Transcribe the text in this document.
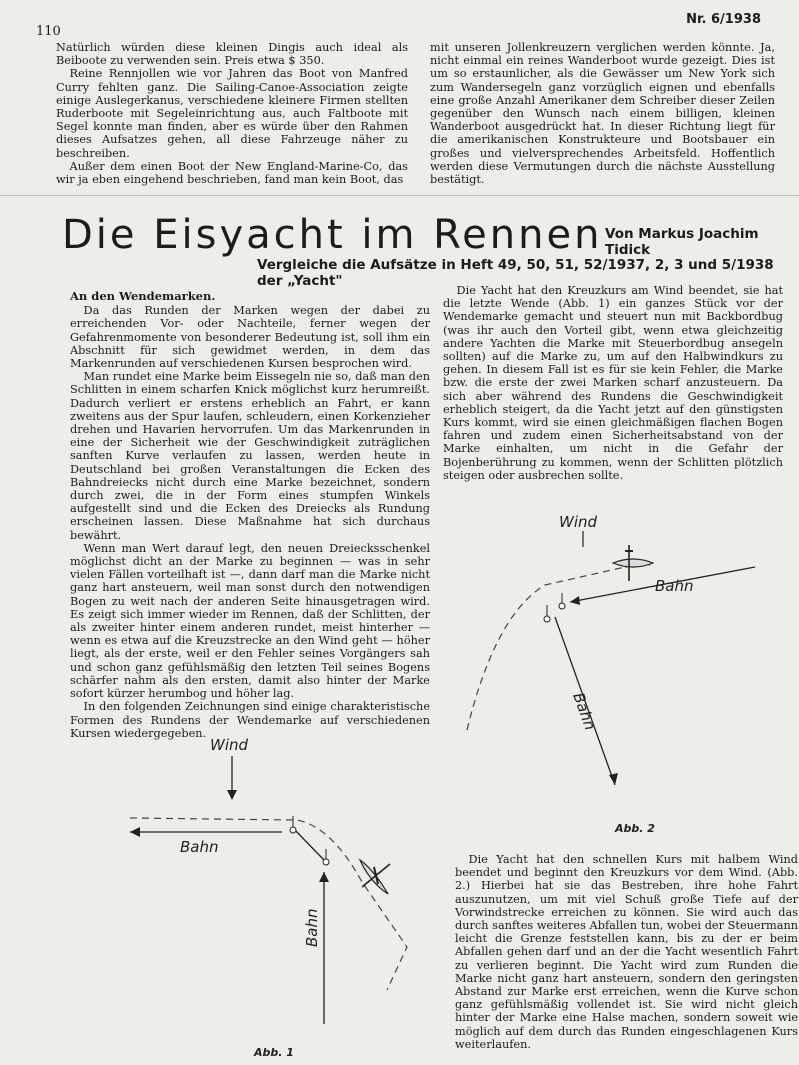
110
Nr. 6/1938

Natürlich würden diese kleinen Dingis auch ideal als Beiboote zu verwenden sein. Preis etwa $ 350.

Reine Rennjollen wie vor Jahren das Boot von Manfred Curry fehlten ganz. Die Sailing-Canoe-Association zeigte einige Auslegerkanus, verschiedene kleinere Firmen stellten Ruderboote mit Segeleinrichtung aus, auch Faltboote mit Segel konnte man finden, aber es würde über den Rahmen dieses Aufsatzes gehen, all diese Fahrzeuge näher zu beschreiben.

Außer dem einen Boot der New England-Marine-Co, das wir ja eben eingehend beschrieben, fand man kein Boot, das

mit unseren Jollenkreuzern verglichen werden könnte. Ja, nicht einmal ein reines Wanderboot wurde gezeigt. Dies ist um so erstaunlicher, als die Gewässer um New York sich zum Wandersegeln ganz vorzüglich eignen und ebenfalls eine große Anzahl Amerikaner dem Schreiber dieser Zeilen gegenüber den Wunsch nach einem billigen, kleinen Wanderboot ausgedrückt hat. In dieser Richtung liegt für die amerikanischen Konstrukteure und Bootsbauer ein großes und vielversprechendes Arbeitsfeld. Hoffentlich werden diese Vermutungen durch die nächste Ausstellung bestätigt.

Die Eisyacht im Rennen Von Markus Joachim Tidick
Vergleiche die Aufsätze in Heft 49, 50, 51, 52/1937, 2, 3 und 5/1938 der „Yacht"
An den Wendemarken.

Da das Runden der Marken wegen der dabei zu erreichenden Vor- oder Nachteile, ferner wegen der Gefahrenmomente von besonderer Bedeutung ist, soll ihm ein Abschnitt für sich gewidmet werden, in dem das Markenrunden auf verschiedenen Kursen besprochen wird.

Man rundet eine Marke beim Eissegeln nie so, daß man den Schlitten in einem scharfen Knick möglichst kurz herumreißt. Dadurch verliert er erstens erheblich an Fahrt, er kann zweitens aus der Spur laufen, schleudern, einen Korkenzieher drehen und Havarien hervorrufen. Um das Markenrunden in eine der Sicherheit wie der Geschwindigkeit zuträglichen sanften Kurve verlaufen zu lassen, werden heute in Deutschland bei großen Veranstaltungen die Ecken des Bahndreiecks nicht durch eine Marke bezeichnet, sondern durch zwei, die in der Form eines stumpfen Winkels aufgestellt sind und die Ecken des Dreiecks als Rundung erscheinen lassen. Diese Maßnahme hat sich durchaus bewährt.

Wenn man Wert darauf legt, den neuen Dreiecksschenkel möglichst dicht an der Marke zu beginnen — was in sehr vielen Fällen vorteilhaft ist —, dann darf man die Marke nicht ganz hart ansteuern, weil man sonst durch den notwendigen Bogen zu weit nach der anderen Seite hinausgetragen wird. Es zeigt sich immer wieder im Rennen, daß der Schlitten, der als zweiter hinter einem anderen rundet, meist hinterher — wenn es etwa auf die Kreuzstrecke an den Wind geht — höher liegt, als der erste, weil er den Fehler seines Vorgängers sah und schon ganz gefühlsmäßig den letzten Teil seines Bogens schärfer nahm als den ersten, damit also hinter der Marke sofort kürzer herumbog und höher lag.

In den folgenden Zeichnungen sind einige charakteristische Formen des Rundens der Wendemarke auf verschiedenen Kursen wiedergegeben.

Die Yacht hat den Kreuzkurs am Wind beendet, sie hat die letzte Wende (Abb. 1) ein ganzes Stück vor der Wendemarke gemacht und steuert nun mit Backbordbug (was ihr auch den Vorteil gibt, wenn etwa gleichzeitig andere Yachten die Marke mit Steuerbordbug ansegeln sollten) auf die Marke zu, um auf den Halbwindkurs zu gehen. In diesem Fall ist es für sie kein Fehler, die Marke bzw. die erste der zwei Marken scharf anzusteuern. Da sich aber während des Rundens die Geschwindigkeit erheblich steigert, da die Yacht jetzt auf den günstigsten Kurs kommt, wird sie einen gleichmäßigen flachen Bogen fahren und zudem einen Sicherheitsabstand von der Marke einhalten, um nicht in die Gefahr der Bojenberührung zu kommen, wenn der Schlitten plötzlich steigen oder ausbrechen sollte.

Wind
Bahn
Bahn
Abb. 2

Die Yacht hat den schnellen Kurs mit halbem Wind beendet und beginnt den Kreuzkurs vor dem Wind. (Abb. 2.) Hierbei hat sie das Bestreben, ihre hohe Fahrt auszunutzen, um mit viel Schuß große Tiefe auf der Vorwindstrecke erreichen zu können. Sie wird auch das durch sanftes weiteres Abfallen tun, wobei der Steuermann leicht die Grenze feststellen kann, bis zu der er beim Abfallen gehen darf und an der die Yacht wesentlich Fahrt zu verlieren beginnt. Die Yacht wird zum Runden die Marke nicht ganz hart ansteuern, sondern den geringsten Abstand zur Marke erst erreichen, wenn die Kurve schon ganz gefühlsmäßig vollendet ist. Sie wird nicht gleich hinter der Marke eine Halse machen, sondern soweit wie möglich auf dem durch das Runden eingeschlagenen Kurs weiterlaufen.

Wind
Bahn
Bahn
Abb. 1
